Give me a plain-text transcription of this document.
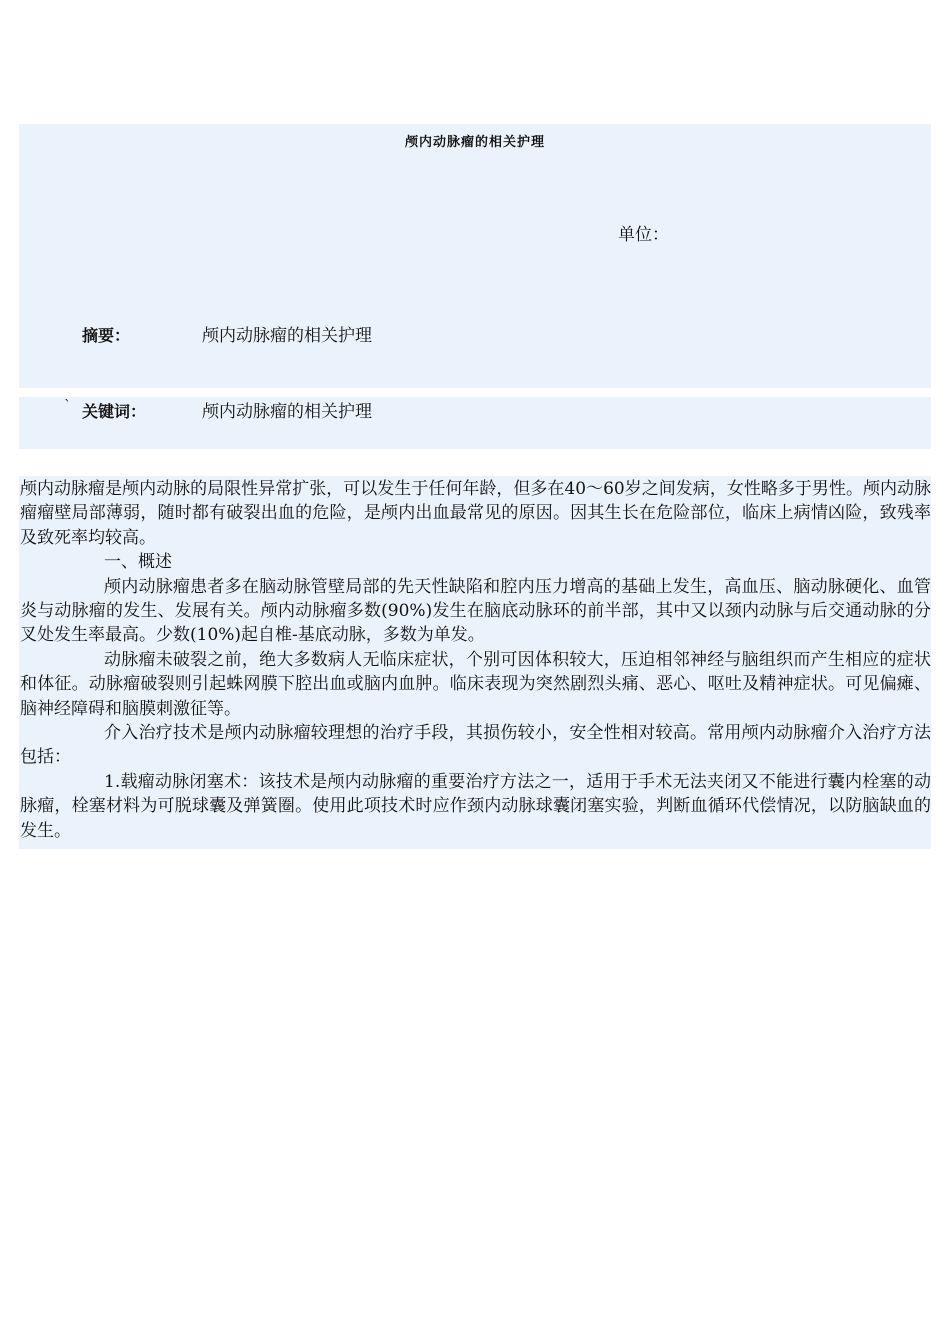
颅内动脉瘤的相关护理
单位：
摘要：	颅内动脉瘤的相关护理
` 关键词：	颅内动脉瘤的相关护理

颅内动脉瘤是颅内动脉的局限性异常扩张，可以发生于任何年龄，但多在40～60岁之间发病，女性略多于男性。颅内动脉瘤瘤壁局部薄弱，随时都有破裂出血的危险，是颅内出血最常见的原因。因其生长在危险部位，临床上病情凶险，致残率及致死率均较高。

一、概述

颅内动脉瘤患者多在脑动脉管壁局部的先天性缺陷和腔内压力增高的基础上发生，高血压、脑动脉硬化、血管炎与动脉瘤的发生、发展有关。颅内动脉瘤多数(90%)发生在脑底动脉环的前半部，其中又以颈内动脉与后交通动脉的分叉处发生率最高。少数(10%)起自椎-基底动脉，多数为单发。

动脉瘤未破裂之前，绝大多数病人无临床症状，个别可因体积较大，压迫相邻神经与脑组织而产生相应的症状和体征。动脉瘤破裂则引起蛛网膜下腔出血或脑内血肿。临床表现为突然剧烈头痛、恶心、呕吐及精神症状。可见偏瘫、脑神经障碍和脑膜刺激征等。

介入治疗技术是颅内动脉瘤较理想的治疗手段，其损伤较小，安全性相对较高。常用颅内动脉瘤介入治疗方法包括：

1.载瘤动脉闭塞术：该技术是颅内动脉瘤的重要治疗方法之一，适用于手术无法夹闭又不能进行囊内栓塞的动脉瘤，栓塞材料为可脱球囊及弹簧圈。使用此项技术时应作颈内动脉球囊闭塞实验，判断血循环代偿情况，以防脑缺血的发生。
